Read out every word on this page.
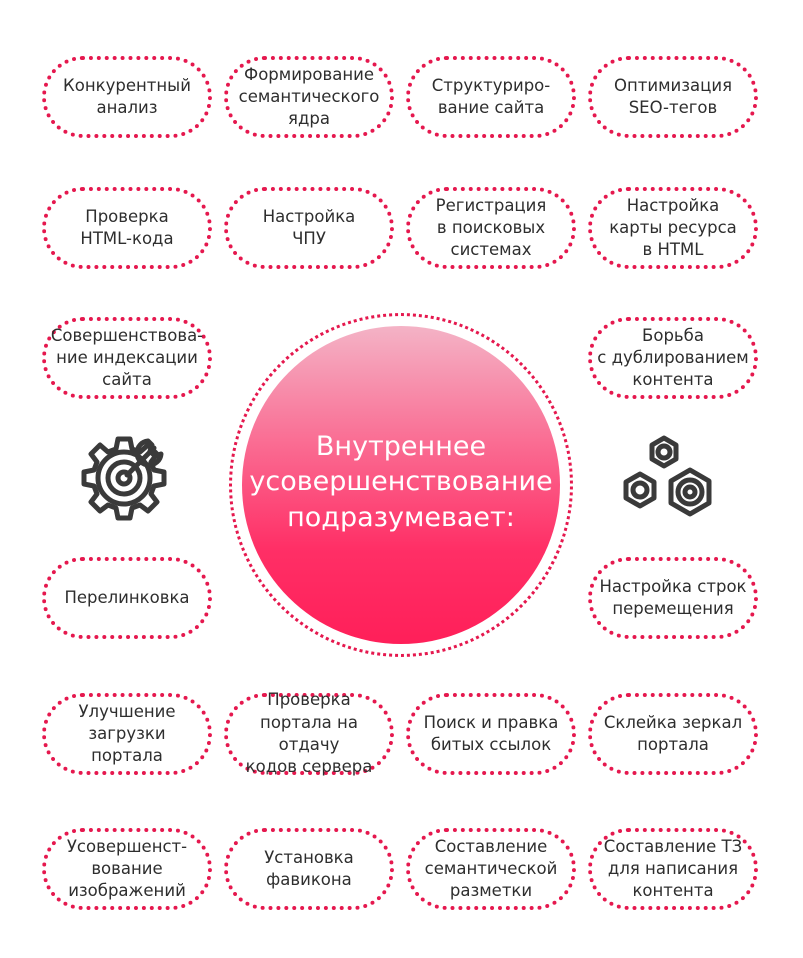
Конкурентный
анализ
Формирование
семантического
ядра
Структуриро-
вание сайта
Оптимизация
SEO-тегов
Проверка
HTML-кода
Настройка
ЧПУ
Регистрация
в поисковых
системах
Настройка
карты ресурса
в HTML
Совершенствова-
ние индексации
сайта
Борьба
с дублированием
контента
Внутреннее
усовершенствование
подразумевает:
Перелинковка
Настройка строк
перемещения
Улучшение
загрузки
портала
Проверка
портала на отдачу
кодов сервера
Поиск и правка
битых ссылок
Склейка зеркал
портала
Усовершенст-
вование
изображений
Установка
фавикона
Составление
семантической
разметки
Составление ТЗ
для написания
контента
